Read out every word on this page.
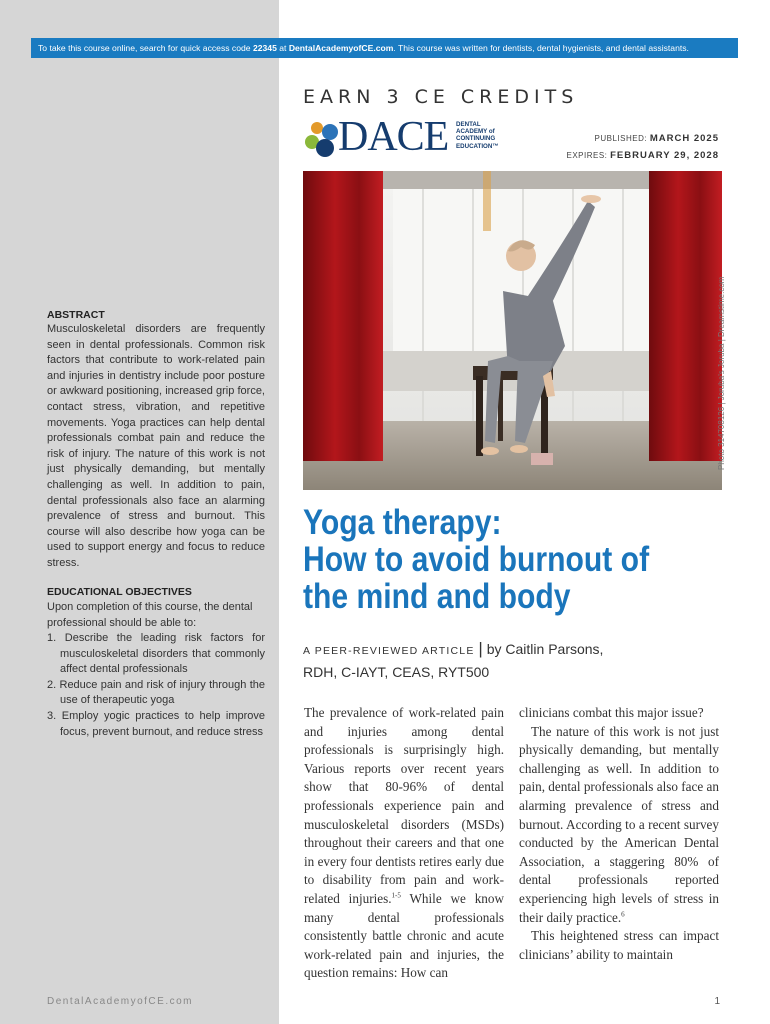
To take this course online, search for quick access code 22345 at DentalAcademyofCE.com. This course was written for dentists, dental hygienists, and dental assistants.
EARN 3 CE CREDITS
DACE DENTAL
ACADEMY of
CONTINUING
EDUCATION™
PUBLISHED: MARCH 2025
EXPIRES: FEBRUARY 29, 2028
Photo 314708126 | Joruba’s Joruba | Dreamstime.com
ABSTRACT
Musculoskeletal disorders are frequently seen in dental professionals. Common risk factors that contribute to work-related pain and injuries in dentistry include poor posture or awkward positioning, increased grip force, contact stress, vibration, and repetitive movements. Yoga practices can help dental professionals combat pain and reduce the risk of injury. The nature of this work is not just physically demanding, but mentally challenging as well. In addition to pain, dental professionals also face an alarming prevalence of stress and burnout. This course will also describe how yoga can be used to support energy and focus to reduce stress.
EDUCATIONAL OBJECTIVES
Upon completion of this course, the dental professional should be able to:
1. Describe the leading risk factors for musculoskeletal disorders that commonly affect dental professionals
2. Reduce pain and risk of injury through the use of therapeutic yoga
3. Employ yogic practices to help improve focus, prevent burnout, and reduce stress
Yoga therapy:
How to avoid burnout of
the mind and body
A PEER-REVIEWED ARTICLE | by Caitlin Parsons,
RDH, C-IAYT, CEAS, RYT500

The prevalence of work-related pain and injuries among dental professionals is surprisingly high. Various reports over recent years show that 80-96% of dental professionals experience pain and musculoskeletal disorders (MSDs) throughout their careers and that one in every four dentists retires early due to disability from pain and work-related injuries.$^{1-5}$ While we know many dental professionals consistently battle chronic and acute work-related pain and injuries, the question remains: How can

clinicians combat this major issue?

The nature of this work is not just physically demanding, but mentally challenging as well. In addition to pain, dental professionals also face an alarming prevalence of stress and burnout. According to a recent survey conducted by the American Dental Association, a staggering 80% of dental professionals reported experiencing high levels of stress in their daily practice.$^6$

This heightened stress can impact clinicians’ ability to maintain

DentalAcademyofCE.com	1
